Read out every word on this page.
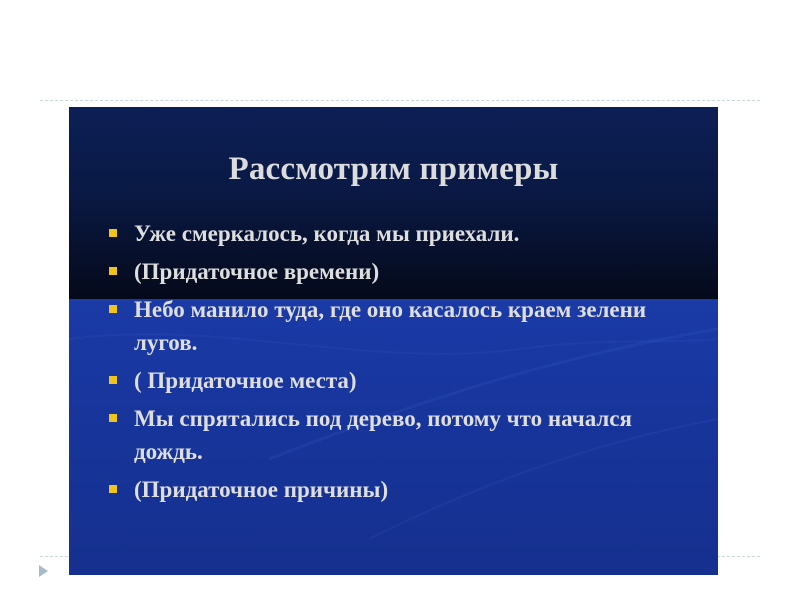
Рассмотрим примеры
Уже смеркалось, когда мы приехали.
(Придаточное времени)
Небо манило туда, где оно касалось краем зелени лугов.
( Придаточное места)
Мы спрятались под дерево, потому что начался дождь.
(Придаточное причины)
